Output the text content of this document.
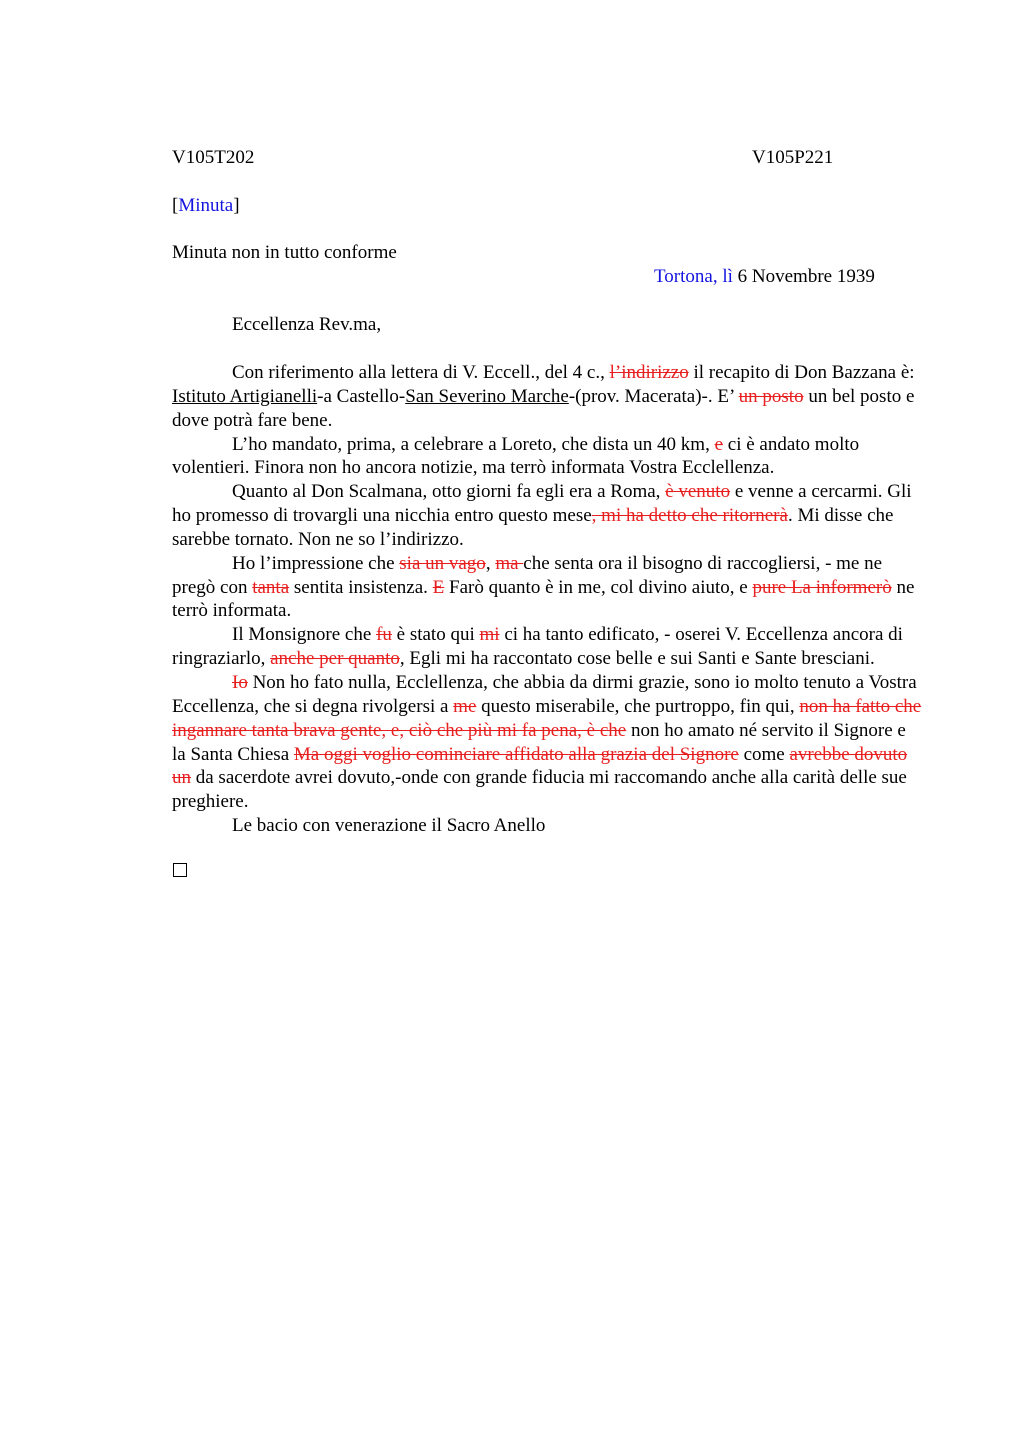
V105T202	V105P221
[Minuta]
Minuta non in tutto conforme
Tortona, lì 6 Novembre 1939
Eccellenza Rev.ma,

Con riferimento alla lettera di V. Eccell., del 4 c., l’indirizzo il recapito di Don Bazzana è: Istituto Artigianelli-a Castello-San Severino Marche-(prov. Macerata)-. E’ un posto un bel posto e dove potrà fare bene.

L’ho mandato, prima, a celebrare a Loreto, che dista un 40 km, e ci è andato molto volentieri. Finora non ho ancora notizie, ma terrò informata Vostra Ecclellenza.

Quanto al Don Scalmana, otto giorni fa egli era a Roma, è venuto e venne a cercarmi. Gli ho promesso di trovargli una nicchia entro questo mese, mi ha detto che ritornerà. Mi disse che sarebbe tornato. Non ne so l’indirizzo.

Ho l’impressione che sia un vago, ma che senta ora il bisogno di raccogliersi, - me ne pregò con tanta sentita insistenza. E Farò quanto è in me, col divino aiuto, e pure La informerò ne terrò informata.

Il Monsignore che fu è stato qui mi ci ha tanto edificato, - oserei V. Eccellenza ancora di ringraziarlo, anche per quanto, Egli mi ha raccontato cose belle e sui Santi e Sante bresciani.

Io Non ho fato nulla, Ecclellenza, che abbia da dirmi grazie, sono io molto tenuto a Vostra Eccellenza, che si degna rivolgersi a me questo miserabile, che purtroppo, fin qui, non ha fatto che ingannare tanta brava gente, e, ciò che più mi fa pena, è che non ho amato né servito il Signore e la Santa Chiesa Ma oggi voglio cominciare affidato alla grazia del Signore come avrebbe dovuto un da sacerdote avrei dovuto,-onde con grande fiducia mi raccomando anche alla carità delle sue preghiere.

Le bacio con venerazione il Sacro Anello
